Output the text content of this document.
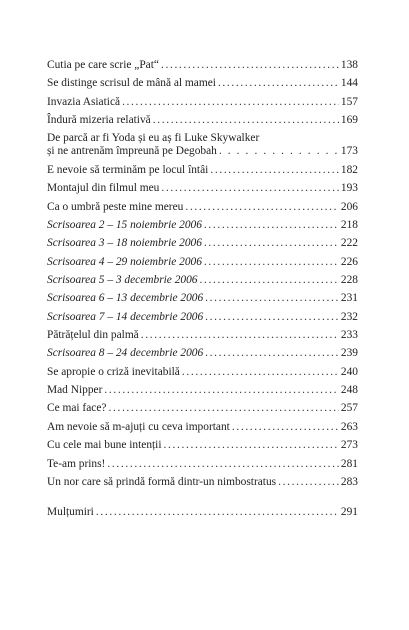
Cutia pe care scrie „Pat“ . . .	138
Se distinge scrisul de mână al mamei . . .	144
Invazia Asiatică . . .	157
Îndură mizeria relativă . . .	169
De parcă ar fi Yoda și eu aș fi Luke Skywalker
și ne antrenăm împreună pe Degobah . . .	173
E nevoie să terminăm pe locul întâi . . .	182
Montajul din filmul meu . . .	193
Ca o umbră peste mine mereu . . .	206
Scrisoarea 2 – 15 noiembrie 2006 . . .	218
Scrisoarea 3 – 18 noiembrie 2006 . . .	222
Scrisoarea 4 – 29 noiembrie 2006 . . .	226
Scrisoarea 5 – 3 decembrie 2006 . . .	228
Scrisoarea 6 – 13 decembrie 2006 . . .	231
Scrisoarea 7 – 14 decembrie 2006 . . .	232
Pătrățelul din palmă . . .	233
Scrisoarea 8 – 24 decembrie 2006 . . .	239
Se apropie o criză inevitabilă . . .	240
Mad Nipper . . .	248
Ce mai face? . . .	257
Am nevoie să m-ajuți cu ceva important . . .	263
Cu cele mai bune intenții . . .	273
Te-am prins! . . .	281
Un nor care să prindă formă dintr-un nimbostratus . . .	283
Mulțumiri . . .	291
